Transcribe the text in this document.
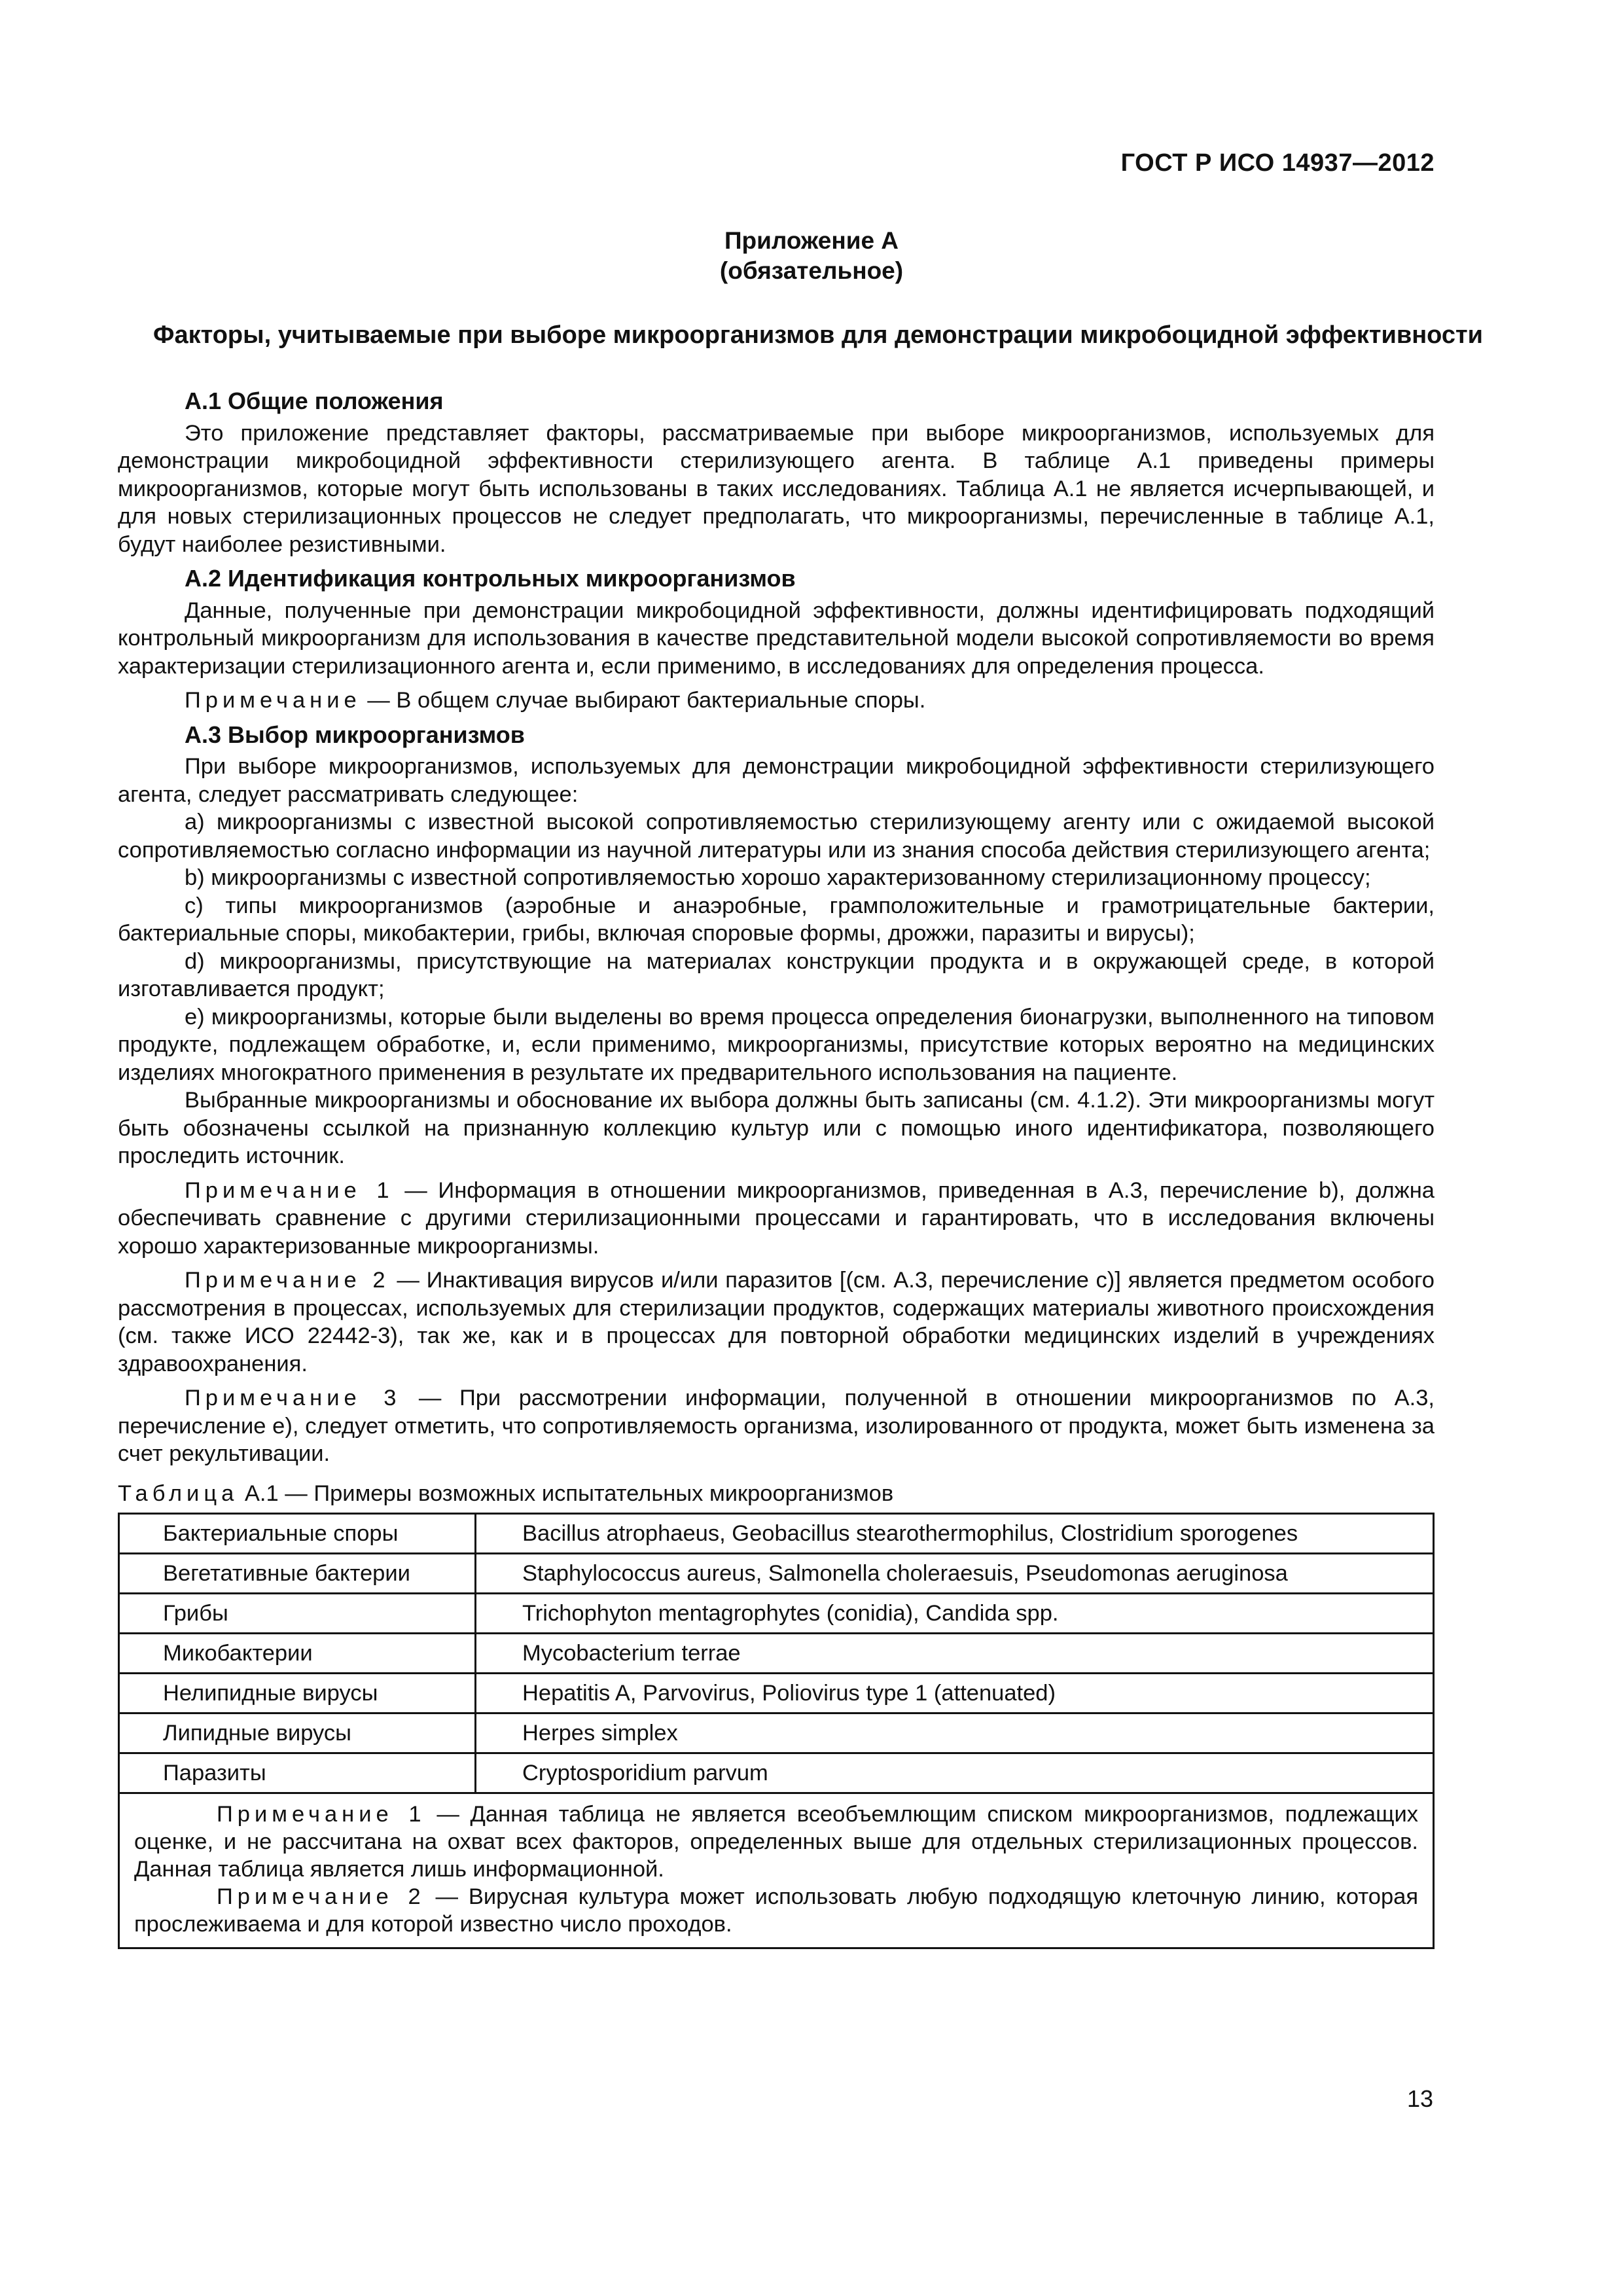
ГОСТ Р ИСО 14937—2012
Приложение А
(обязательное)
Факторы, учитываемые при выборе микроорганизмов для демонстрации микробоцидной эффективности
А.1 Общие положения

Это приложение представляет факторы, рассматриваемые при выборе микроорганизмов, используемых для демонстрации микробоцидной эффективности стерилизующего агента. В таблице А.1 приведены примеры микроорганизмов, которые могут быть использованы в таких исследованиях. Таблица А.1 не является исчерпывающей, и для новых стерилизационных процессов не следует предполагать, что микроорганизмы, перечисленные в таблице А.1, будут наиболее резистивными.

А.2 Идентификация контрольных микроорганизмов

Данные, полученные при демонстрации микробоцидной эффективности, должны идентифицировать подходящий контрольный микроорганизм для использования в качестве представительной модели высокой сопротивляемости во время характеризации стерилизационного агента и, если применимо, в исследованиях для определения процесса.

Примечание — В общем случае выбирают бактериальные споры.

А.3 Выбор микроорганизмов

При выборе микроорганизмов, используемых для демонстрации микробоцидной эффективности стерилизующего агента, следует рассматривать следующее:

a) микроорганизмы с известной высокой сопротивляемостью стерилизующему агенту или с ожидаемой высокой сопротивляемостью согласно информации из научной литературы или из знания способа действия стерилизующего агента;

b) микроорганизмы с известной сопротивляемостью хорошо характеризованному стерилизационному процессу;

c) типы микроорганизмов (аэробные и анаэробные, грамположительные и грамотрицательные бактерии, бактериальные споры, микобактерии, грибы, включая споровые формы, дрожжи, паразиты и вирусы);

d) микроорганизмы, присутствующие на материалах конструкции продукта и в окружающей среде, в которой изготавливается продукт;

e) микроорганизмы, которые были выделены во время процесса определения бионагрузки, выполненного на типовом продукте, подлежащем обработке, и, если применимо, микроорганизмы, присутствие которых вероятно на медицинских изделиях многократного применения в результате их предварительного использования на пациенте.

Выбранные микроорганизмы и обоснование их выбора должны быть записаны (см. 4.1.2). Эти микроорганизмы могут быть обозначены ссылкой на признанную коллекцию культур или с помощью иного идентификатора, позволяющего проследить источник.

Примечание 1 — Информация в отношении микроорганизмов, приведенная в А.3, перечисление b), должна обеспечивать сравнение с другими стерилизационными процессами и гарантировать, что в исследования включены хорошо характеризованные микроорганизмы.

Примечание 2 — Инактивация вирусов и/или паразитов [(см. А.3, перечисление с)] является предметом особого рассмотрения в процессах, используемых для стерилизации продуктов, содержащих материалы животного происхождения (см. также ИСО 22442-3), так же, как и в процессах для повторной обработки медицинских изделий в учреждениях здравоохранения.

Примечание 3 — При рассмотрении информации, полученной в отношении микроорганизмов по А.3, перечисление е), следует отметить, что сопротивляемость организма, изолированного от продукта, может быть изменена за счет рекультивации.

Таблица А.1 — Примеры возможных испытательных микроорганизмов
Бактериальные споры	Bacillus atrophaeus, Geobacillus stearothermophilus, Clostridium sporogenes
Вегетативные бактерии	Staphylococcus aureus, Salmonella choleraesuis, Pseudomonas aeruginosa
Грибы	Trichophyton mentagrophytes (conidia), Candida spp.
Микобактерии	Mycobacterium terrae
Нелипидные вирусы	Hepatitis A, Parvovirus, Poliovirus type 1 (attenuated)
Липидные вирусы	Herpes simplex
Паразиты	Cryptosporidium parvum

Примечание 1 — Данная таблица не является всеобъемлющим списком микроорганизмов, подлежащих оценке, и не рассчитана на охват всех факторов, определенных выше для отдельных стерилизационных процессов. Данная таблица является лишь информационной.

Примечание 2 — Вирусная культура может использовать любую подходящую клеточную линию, которая прослеживаема и для которой известно число проходов.

13
